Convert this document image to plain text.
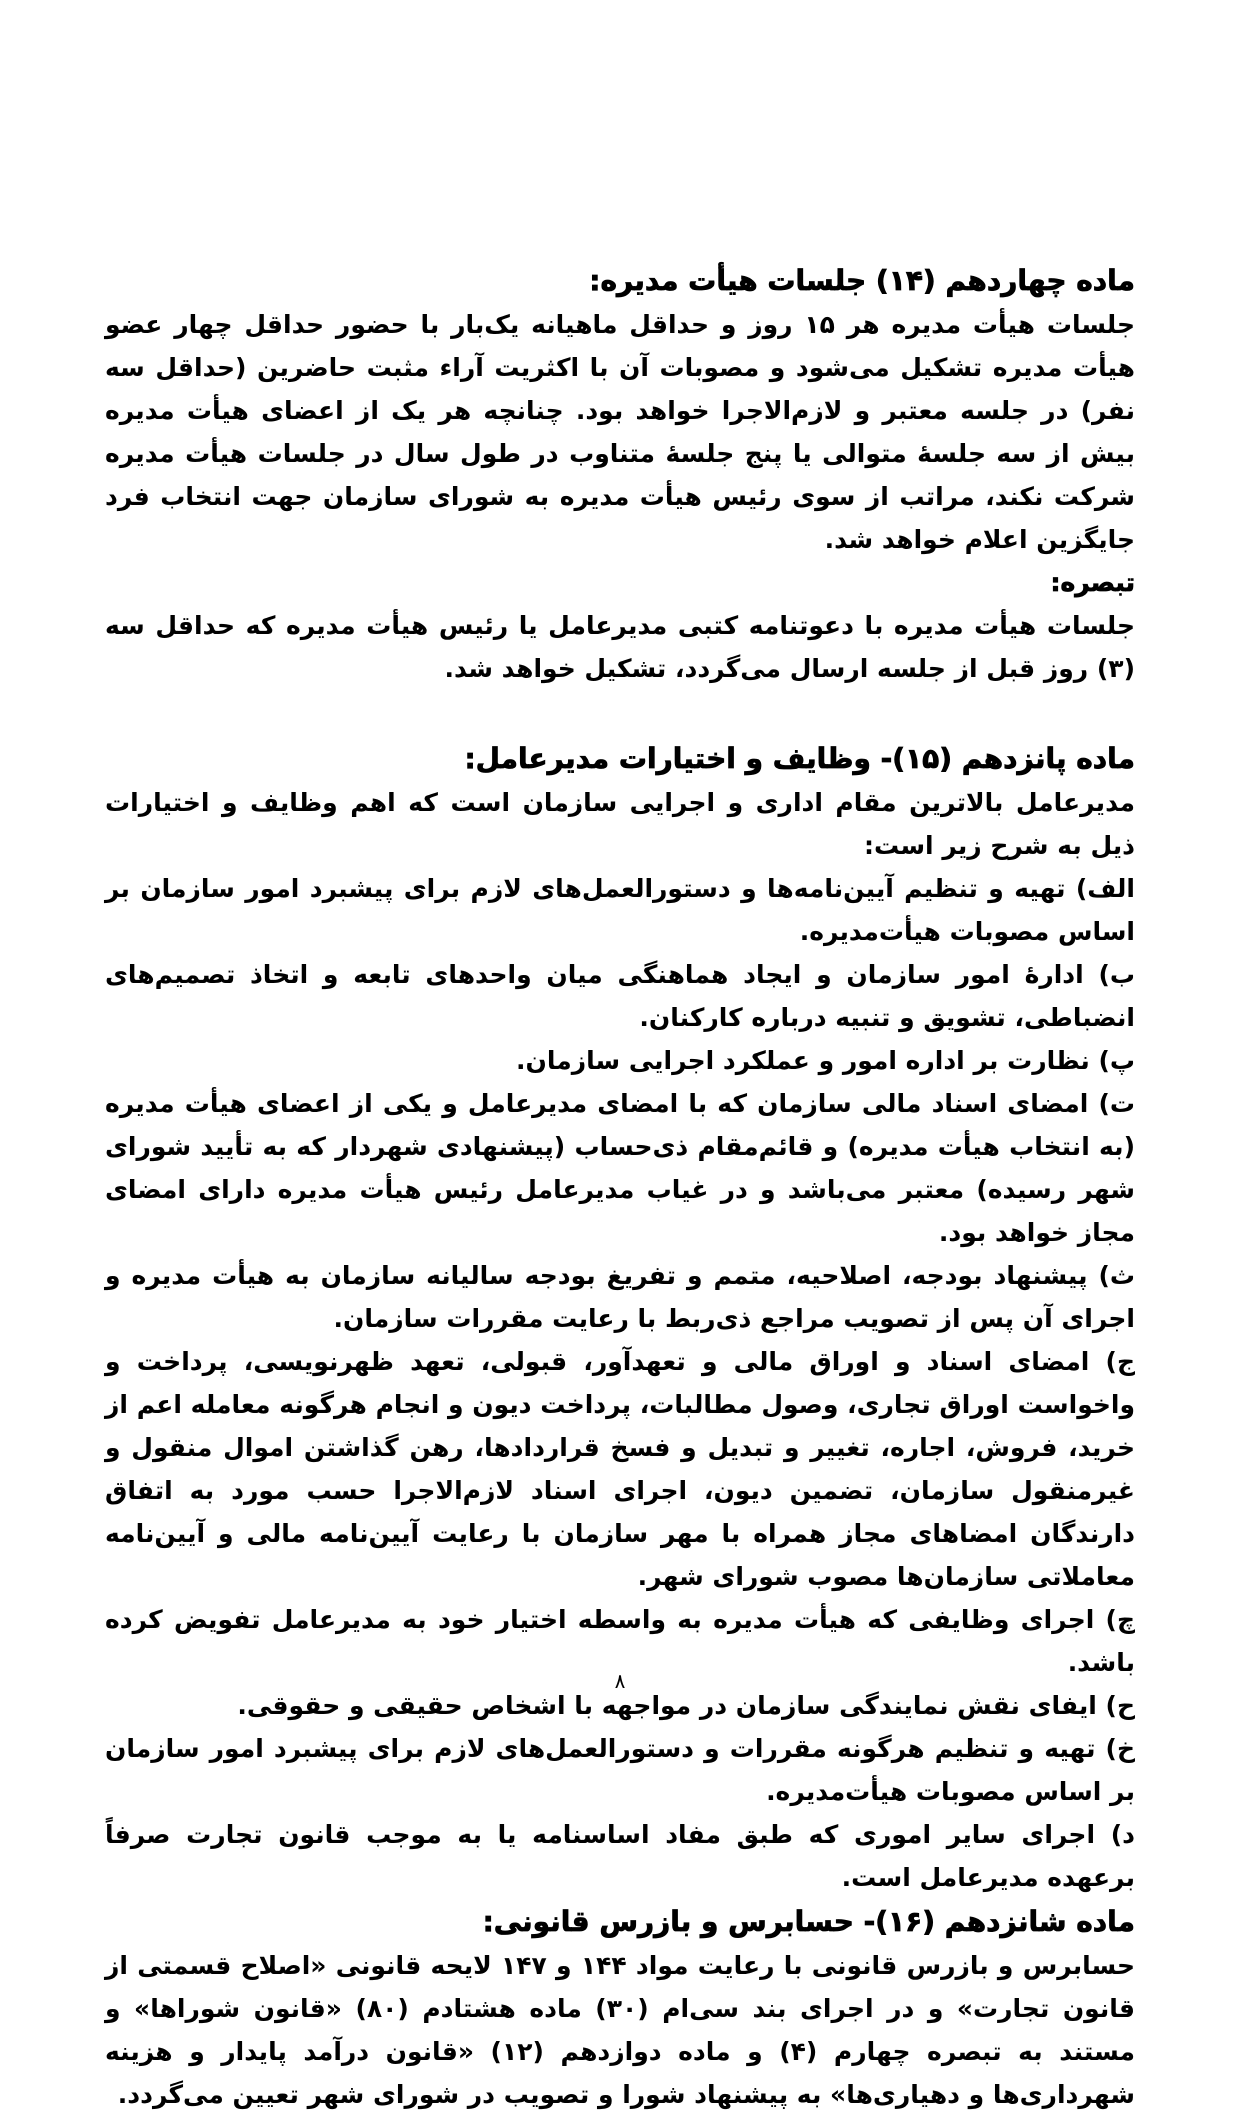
ماده چهاردهم (۱۴) جلسات هیأت مدیره:

جلسات هیأت مدیره هر ۱۵ روز و حداقل ماهیانه یک‌بار با حضور حداقل چهار عضو هیأت مدیره تشکیل می‌شود و مصوبات آن با اکثریت آراء مثبت حاضرین (حداقل سه نفر) در جلسه معتبر و لازم‌الاجرا خواهد بود. چنانچه هر یک از اعضای هیأت مدیره بیش از سه جلسۀ متوالی یا پنج جلسۀ متناوب در طول سال در جلسات هیأت مدیره شرکت نکند، مراتب از سوی رئیس هیأت مدیره به شورای سازمان جهت انتخاب فرد جایگزین اعلام خواهد شد.

تبصره:

جلسات هیأت مدیره با دعوتنامه کتبی مدیرعامل یا رئیس هیأت مدیره که حداقل سه (۳) روز قبل از جلسه ارسال می‌گردد، تشکیل خواهد شد.

ماده پانزدهم (۱۵)- وظایف و اختیارات مدیرعامل:

مدیرعامل بالاترین مقام اداری و اجرایی سازمان است که اهم وظایف و اختیارات ذیل به شرح زیر است:

الف) تهیه و تنظیم آیین‌نامه‌ها و دستورالعمل‌های لازم برای پیشبرد امور سازمان بر اساس مصوبات هیأت‌مدیره.

ب) ادارۀ امور سازمان و ایجاد هماهنگی میان واحدهای تابعه و اتخاذ تصمیم‌های انضباطی، تشویق و تنبیه درباره کارکنان.

پ) نظارت بر اداره امور و عملکرد اجرایی سازمان.

ت) امضای اسناد مالی سازمان که با امضای مدیرعامل و یکی از اعضای هیأت مدیره (به انتخاب هیأت مدیره) و قائم‌مقام ذی‌حساب (پیشنهادی شهردار که به تأیید شورای شهر رسیده) معتبر می‌باشد و در غیاب مدیرعامل رئیس هیأت مدیره دارای امضای مجاز خواهد بود.

ث) پیشنهاد بودجه، اصلاحیه، متمم و تفریغ بودجه سالیانه سازمان به هیأت مدیره و اجرای آن پس از تصویب مراجع ذی‌ربط با رعایت مقررات سازمان.

ج) امضای اسناد و اوراق مالی و تعهدآور، قبولی، تعهد ظهرنویسی، پرداخت و واخواست اوراق تجاری، وصول مطالبات، پرداخت دیون و انجام هرگونه معامله اعم از خرید، فروش، اجاره، تغییر و تبدیل و فسخ قراردادها، رهن گذاشتن اموال منقول و غیرمنقول سازمان، تضمین دیون، اجرای اسناد لازم‌الاجرا حسب مورد به اتفاق دارندگان امضاهای مجاز همراه با مهر سازمان با رعایت آیین‌نامه مالی و آیین‌نامه معاملاتی سازمان‌ها مصوب شورای شهر.

چ) اجرای وظایفی که هیأت مدیره به واسطه اختیار خود به مدیرعامل تفویض کرده باشد.

ح) ایفای نقش نمایندگی سازمان در مواجهه با اشخاص حقیقی و حقوقی.

خ) تهیه و تنظیم هرگونه مقررات و دستورالعمل‌های لازم برای پیشبرد امور سازمان بر اساس مصوبات هیأت‌مدیره.

د) اجرای سایر اموری که طبق مفاد اساسنامه یا به موجب قانون تجارت صرفاً برعهده مدیرعامل است.

ماده شانزدهم (۱۶)- حسابرس و بازرس قانونی:

حسابرس و بازرس قانونی با رعایت مواد ۱۴۴ و ۱۴۷ لایحه قانونی «اصلاح قسمتی از قانون تجارت» و در اجرای بند سی‌ام (۳۰) ماده هشتادم (۸۰) «قانون شوراها» و مستند به تبصره چهارم (۴) و ماده دوازدهم (۱۲) «قانون درآمد پایدار و هزینه شهرداری‌ها و دهیاری‌ها» به پیشنهاد شورا و تصویب در شورای شهر تعیین می‌گردد.

۸
